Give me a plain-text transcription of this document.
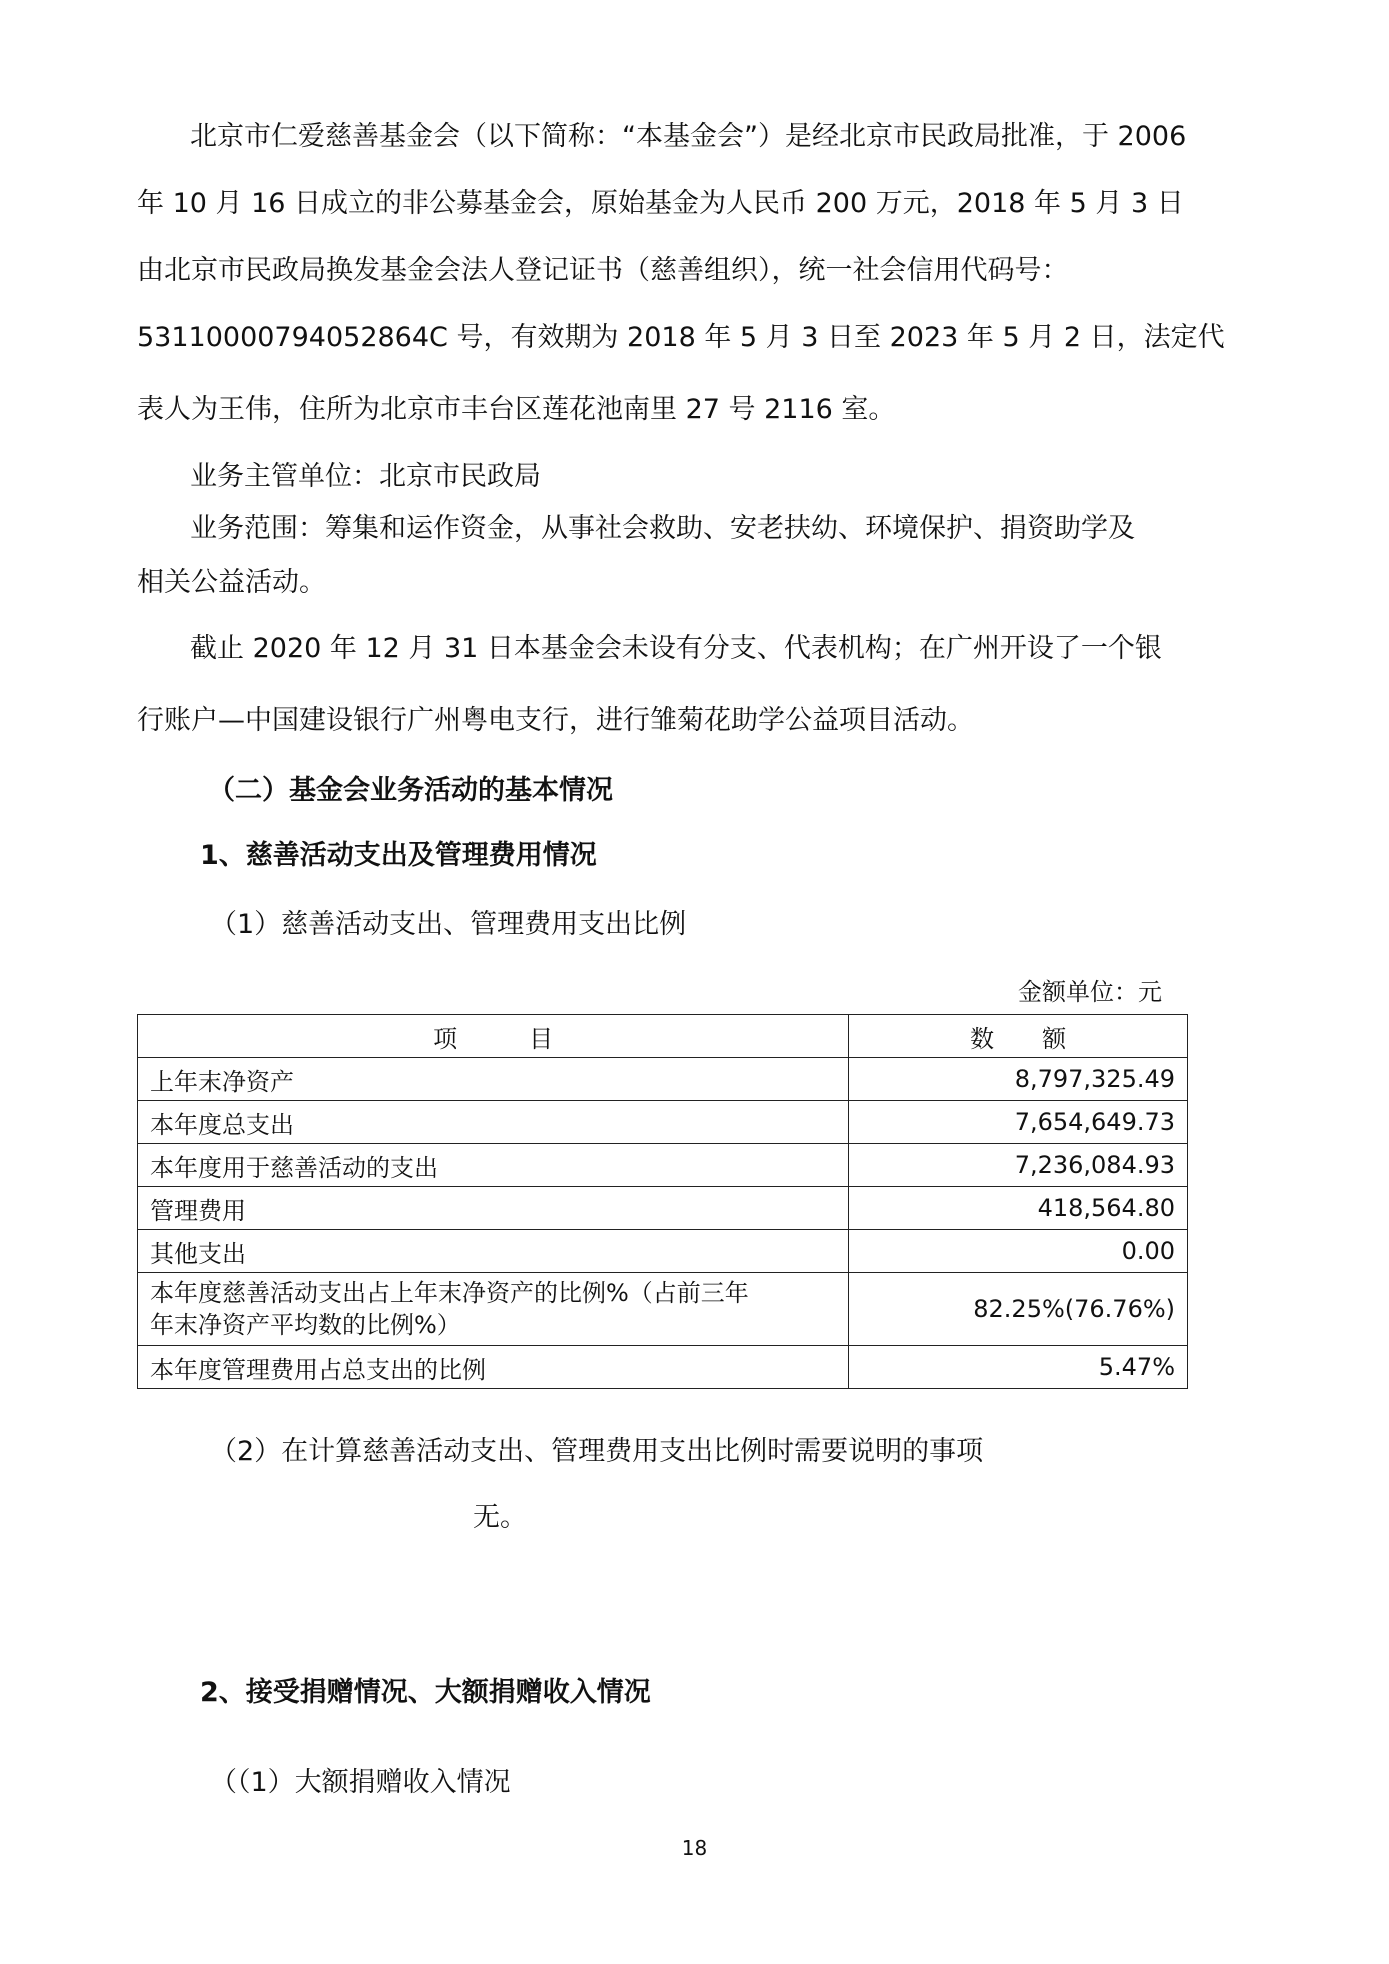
北京市仁爱慈善基金会（以下简称：“本基金会”）是经北京市民政局批准，于 2006
年 10 月 16 日成立的非公募基金会，原始基金为人民币 200 万元，2018 年 5 月 3 日
由北京市民政局换发基金会法人登记证书（慈善组织），统一社会信用代码号：
53110000794052864C 号，有效期为 2018 年 5 月 3 日至 2023 年 5 月 2 日，法定代
表人为王伟，住所为北京市丰台区莲花池南里 27 号 2116 室。
业务主管单位：北京市民政局
业务范围：筹集和运作资金，从事社会救助、安老扶幼、环境保护、捐资助学及
相关公益活动。
截止 2020 年 12 月 31 日本基金会未设有分支、代表机构；在广州开设了一个银
行账户—中国建设银行广州粤电支行，进行雏菊花助学公益项目活动。
（二）基金会业务活动的基本情况
1、慈善活动支出及管理费用情况
（1）慈善活动支出、管理费用支出比例
金额单位：元
项　　　目	数　　额
上年末净资产	8,797,325.49
本年度总支出	7,654,649.73
本年度用于慈善活动的支出	7,236,084.93
管理费用	418,564.80
其他支出	0.00

本年度慈善活动支出占上年末净资产的比例%（占前三年
年末净资产平均数的比例%）	82.25%(76.76%)
本年度管理费用占总支出的比例	5.47%
（2）在计算慈善活动支出、管理费用支出比例时需要说明的事项
无。
2、接受捐赠情况、大额捐赠收入情况
（（1）大额捐赠收入情况
18
